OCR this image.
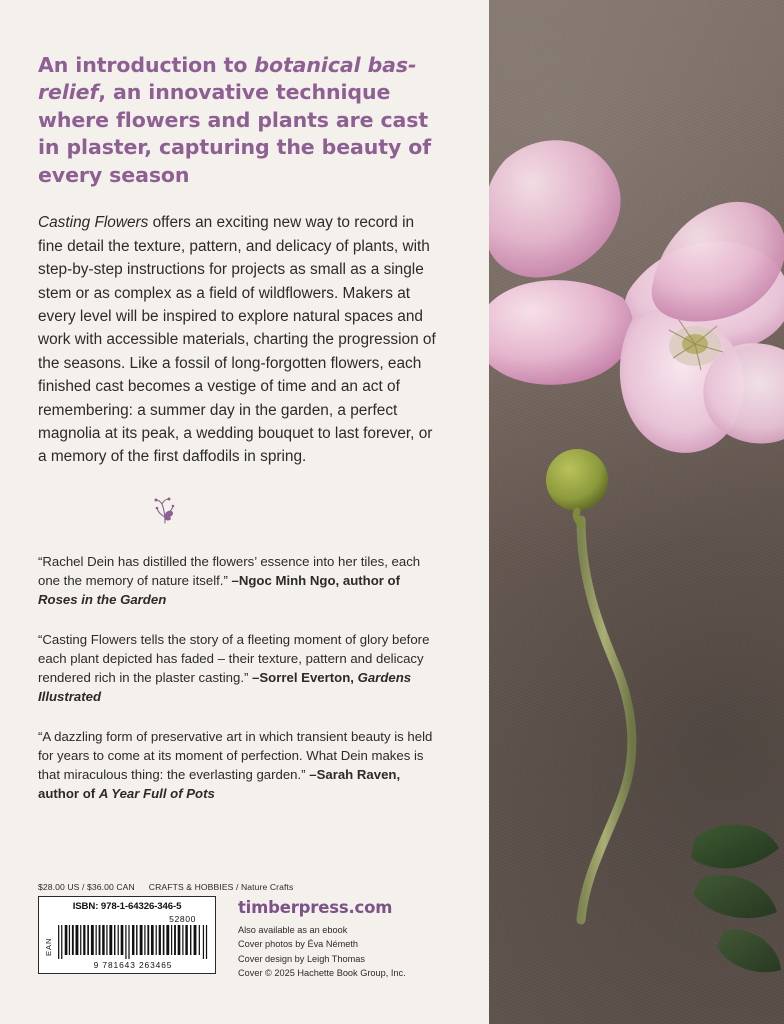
An introduction to botanical bas-relief, an innovative technique where flowers and plants are cast in plaster, capturing the beauty of every season

Casting Flowers offers an exciting new way to record in fine detail the texture, pattern, and delicacy of plants, with step-by-step instructions for projects as small as a single stem or as complex as a field of wildflowers. Makers at every level will be inspired to explore natural spaces and work with accessible materials, charting the progression of the seasons. Like a fossil of long-forgotten flowers, each finished cast becomes a vestige of time and an act of remembering: a summer day in the garden, a perfect magnolia at its peak, a wedding bouquet to last forever, or a memory of the first daffodils in spring.

“Rachel Dein has distilled the flowers’ essence into her tiles, each one the memory of nature itself.” –Ngoc Minh Ngo, author of Roses in the Garden

“Casting Flowers tells the story of a fleeting moment of glory before each plant depicted has faded – their texture, pattern and delicacy rendered rich in the plaster casting.” –Sorrel Everton, Gardens Illustrated

“A dazzling form of preservative art in which transient beauty is held for years to come at its moment of perfection. What Dein makes is that miraculous thing: the everlasting garden.” –Sarah Raven, author of A Year Full of Pots

$28.00 US / $36.00 CAN CRAFTS & HOBBIES / Nature Crafts
ISBN: 978-1-64326-346-5
EAN
52800
9 781643 263465
timberpress.com
Also available as an ebook
Cover photos by Éva Németh
Cover design by Leigh Thomas
Cover © 2025 Hachette Book Group, Inc.
